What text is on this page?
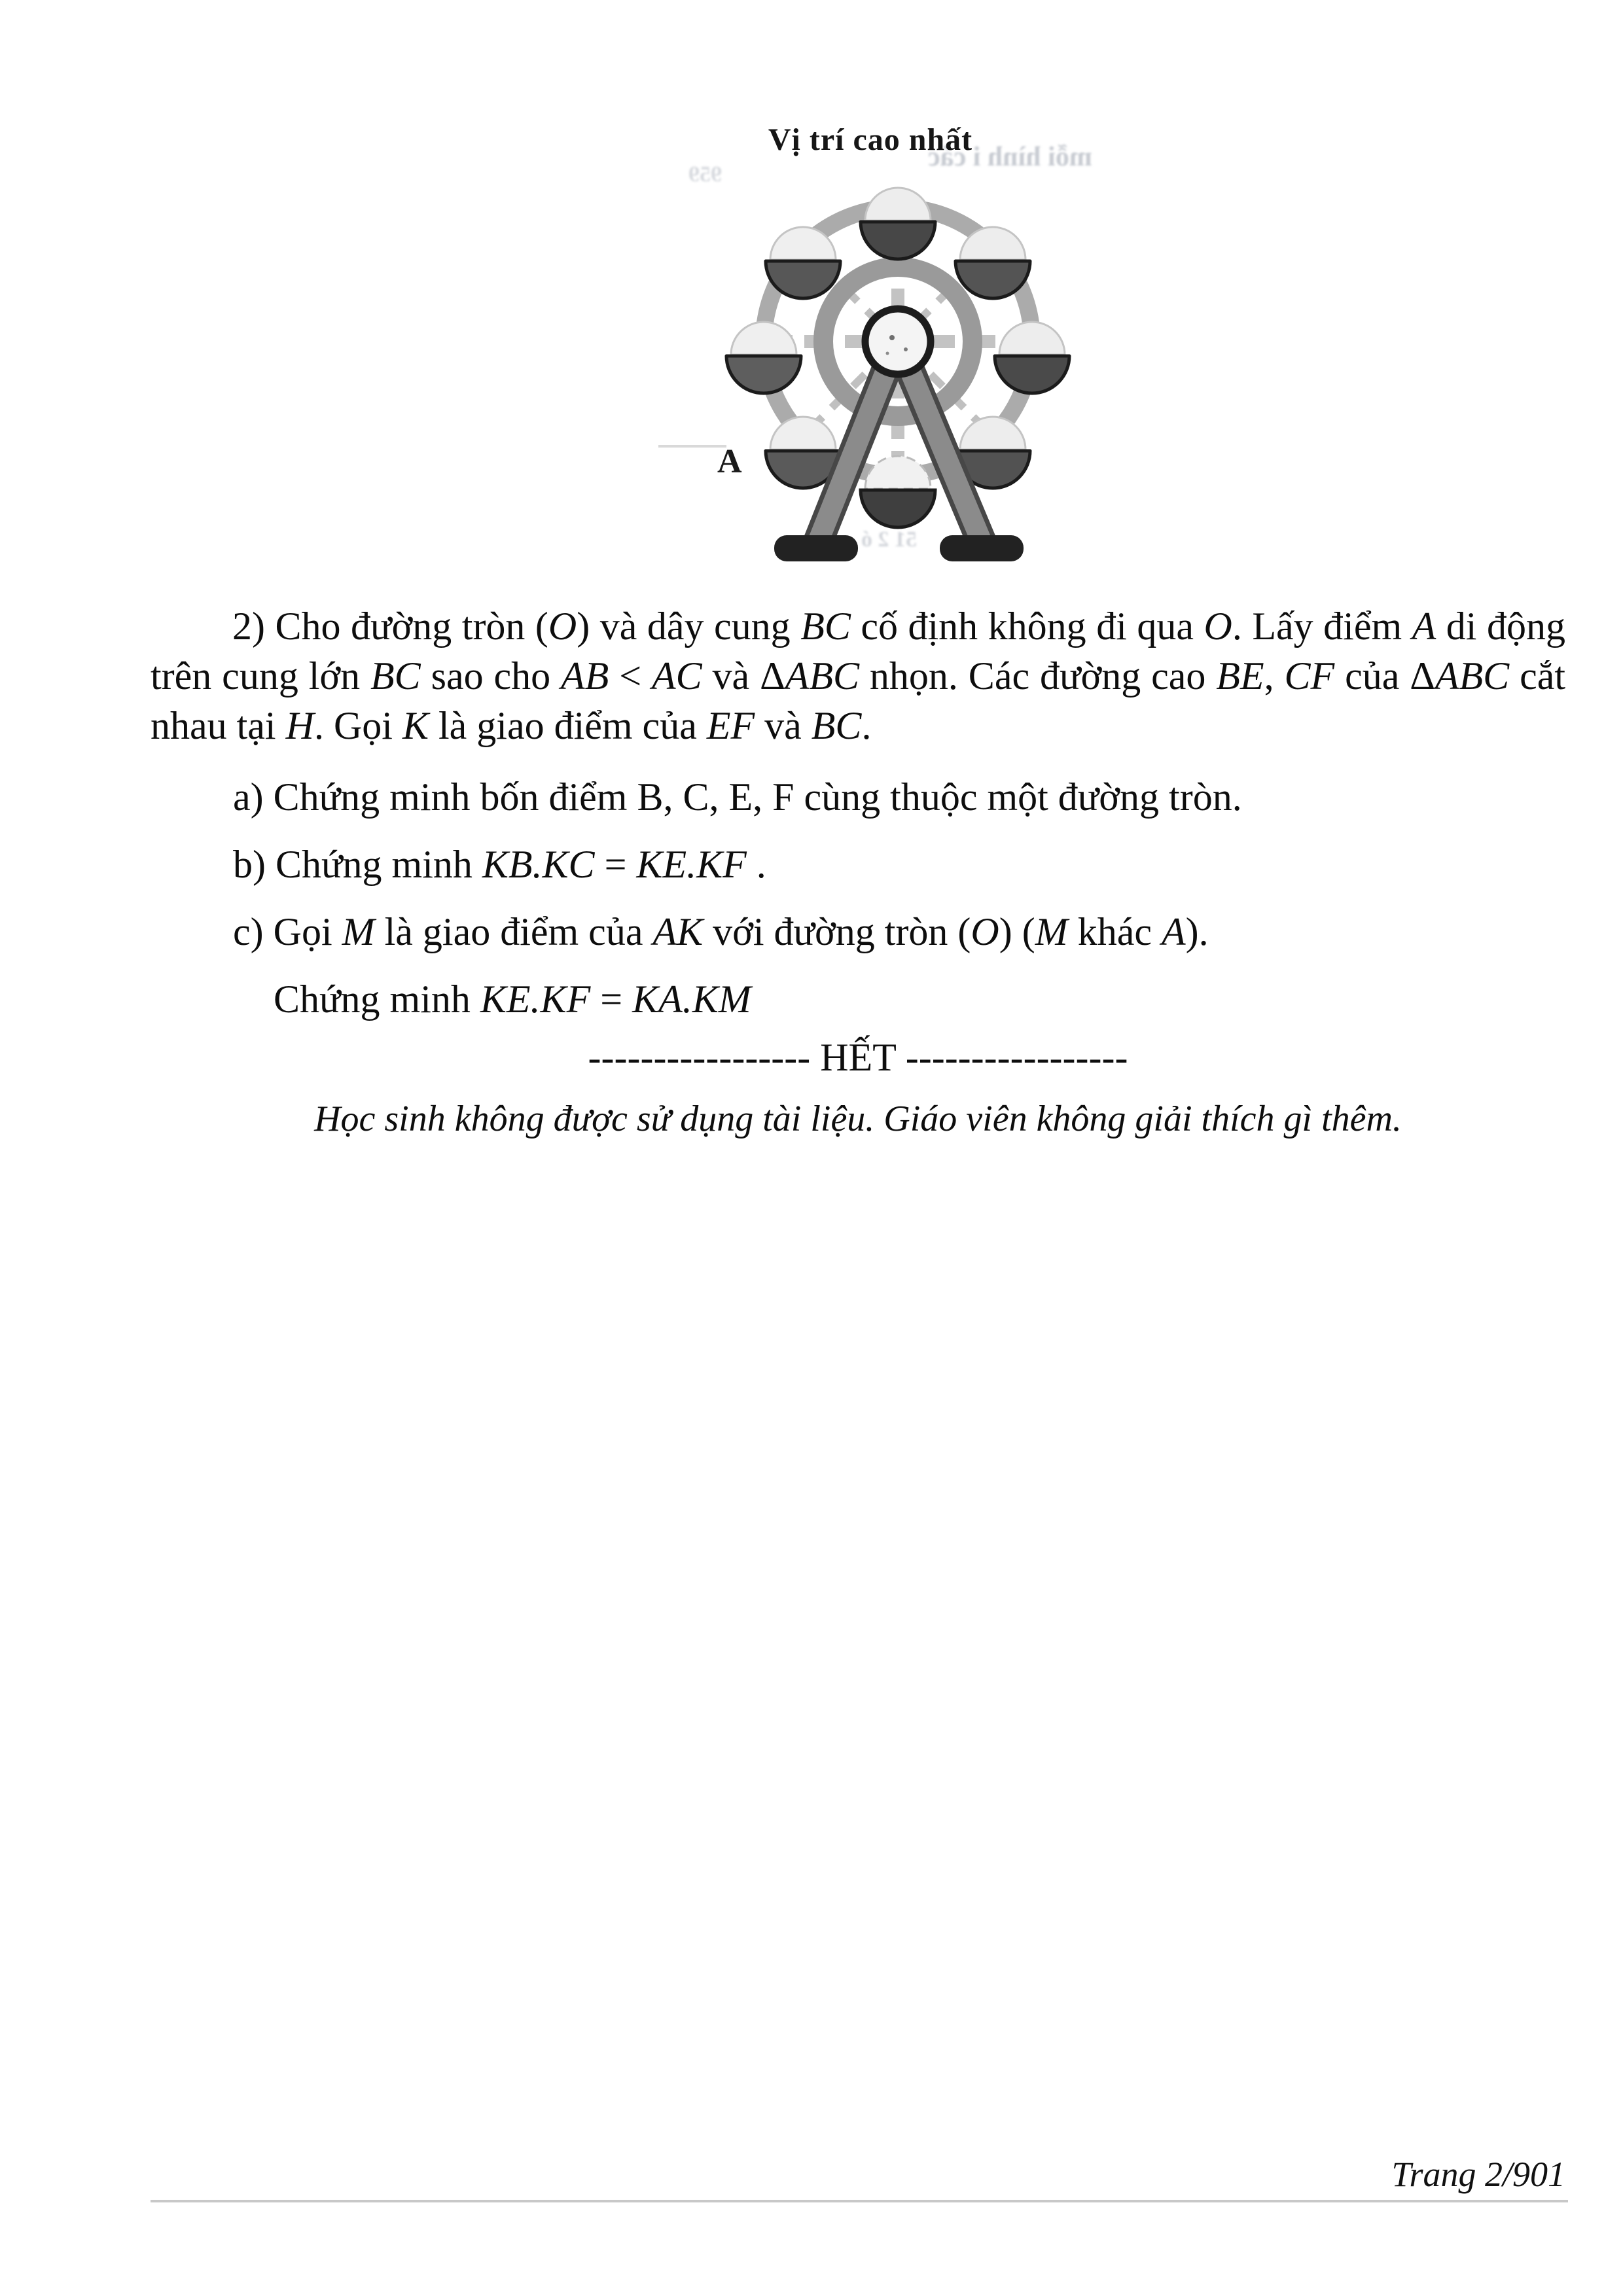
mỗi hình i các
959
51 2 ó
Vị trí cao nhất
A
2) Cho đường tròn (O) và dây cung BC cố định không đi qua O. Lấy điểm A di động
trên cung lớn BC sao cho AB < AC và ΔABC nhọn. Các đường cao BE, CF của ΔABC cắt
nhau tại H. Gọi K là giao điểm của EF và BC.
a) Chứng minh bốn điểm B, C, E, F cùng thuộc một đường tròn.
b) Chứng minh KB.KC = KE.KF .
c) Gọi M là giao điểm của AK với đường tròn (O) (M khác A).
Chứng minh KE.KF = KA.KM
----------------- HẾT -----------------
Học sinh không được sử dụng tài liệu. Giáo viên không giải thích gì thêm.
Trang 2/901
